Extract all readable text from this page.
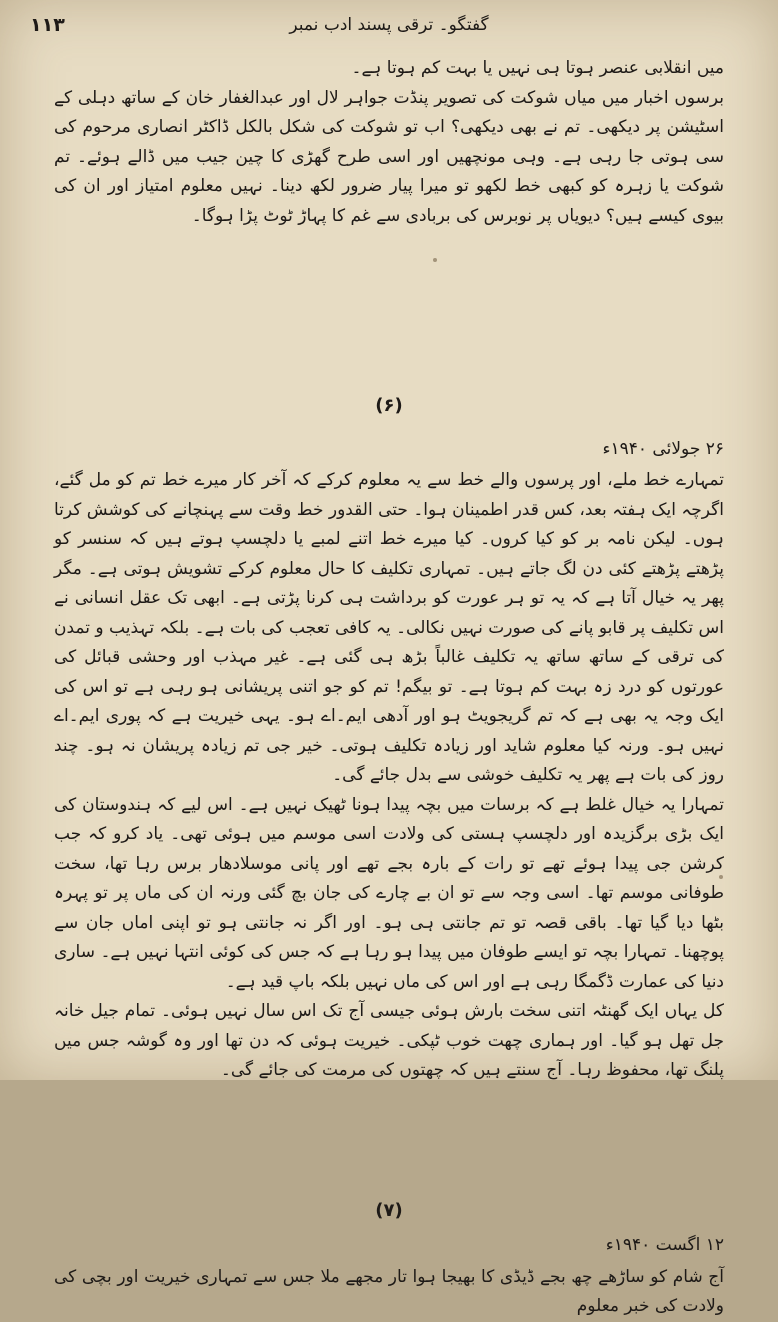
۱۱۳	گفتگو۔ ترقی پسند ادب نمبر

میں انقلابی عنصر ہوتا ہی نہیں یا بہت کم ہوتا ہے۔

برسوں اخبار میں میاں شوکت کی تصویر پنڈت جواہر لال اور عبدالغفار خان کے ساتھ دہلی کے اسٹیشن پر دیکھی۔ تم نے بھی دیکھی؟ اب تو شوکت کی شکل بالکل ڈاکٹر انصاری مرحوم کی سی ہوتی جا رہی ہے۔ وہی مونچھیں اور اسی طرح گھڑی کا چین جیب میں ڈالے ہوئے۔ تم شوکت یا زہرہ کو کبھی خط لکھو تو میرا پیار ضرور لکھ دینا۔ نہیں معلوم امتیاز اور ان کی بیوی کیسے ہیں؟ دیویاں پر نوبرس کی بربادی سے غم کا پہاڑ ٹوٹ پڑا ہوگا۔

(۶)
۲۶ جولائی ۱۹۴۰ء

تمہارے خط ملے، اور پرسوں والے خط سے یہ معلوم کرکے کہ آخر کار میرے خط تم کو مل گئے، اگرچہ ایک ہفتہ بعد، کس قدر اطمینان ہوا۔ حتی القدور خط وقت سے پہنچانے کی کوشش کرتا ہوں۔ لیکن نامہ بر کو کیا کروں۔ کیا میرے خط اتنے لمبے یا دلچسپ ہوتے ہیں کہ سنسر کو پڑھتے پڑھتے کئی دن لگ جاتے ہیں۔ تمہاری تکلیف کا حال معلوم کرکے تشویش ہوتی ہے۔ مگر پھر یہ خیال آتا ہے کہ یہ تو ہر عورت کو برداشت ہی کرنا پڑتی ہے۔ ابھی تک عقل انسانی نے اس تکلیف پر قابو پانے کی صورت نہیں نکالی۔ یہ کافی تعجب کی بات ہے۔ بلکہ تہذیب و تمدن کی ترقی کے ساتھ ساتھ یہ تکلیف غالباً بڑھ ہی گئی ہے۔ غیر مہذب اور وحشی قبائل کی عورتوں کو درد زہ بہت کم ہوتا ہے۔ تو بیگم! تم کو جو اتنی پریشانی ہو رہی ہے تو اس کی ایک وجہ یہ بھی ہے کہ تم گریجویٹ ہو اور آدھی ایم۔اے ہو۔ یہی خیریت ہے کہ پوری ایم۔اے نہیں ہو۔ ورنہ کیا معلوم شاید اور زیادہ تکلیف ہوتی۔ خیر جی تم زیادہ پریشان نہ ہو۔ چند روز کی بات ہے پھر یہ تکلیف خوشی سے بدل جائے گی۔

تمہارا یہ خیال غلط ہے کہ برسات میں بچہ پیدا ہونا ٹھیک نہیں ہے۔ اس لیے کہ ہندوستان کی ایک بڑی برگزیدہ اور دلچسپ ہستی کی ولادت اسی موسم میں ہوئی تھی۔ یاد کرو کہ جب کرشن جی پیدا ہوئے تھے تو رات کے بارہ بجے تھے اور پانی موسلادھار برس رہا تھا، سخت طوفانی موسم تھا۔ اسی وجہ سے تو ان بے چارے کی جان بچ گئی ورنہ ان کی ماں پر تو پہرہ بٹھا دیا گیا تھا۔ باقی قصہ تو تم جانتی ہی ہو۔ اور اگر نہ جانتی ہو تو اپنی اماں جان سے پوچھنا۔ تمہارا بچہ تو ایسے طوفان میں پیدا ہو رہا ہے کہ جس کی کوئی انتہا نہیں ہے۔ ساری دنیا کی عمارت ڈگمگا رہی ہے اور اس کی ماں نہیں بلکہ باپ قید ہے۔

کل یہاں ایک گھنٹہ اتنی سخت بارش ہوئی جیسی آج تک اس سال نہیں ہوئی۔ تمام جیل خانہ جل تھل ہو گیا۔ اور ہماری چھت خوب ٹپکی۔ خیریت ہوئی کہ دن تھا اور وہ گوشہ جس میں پلنگ تھا، محفوظ رہا۔ آج سنتے ہیں کہ چھتوں کی مرمت کی جائے گی۔

(۷)
۱۲ اگست ۱۹۴۰ء

آج شام کو ساڑھے چھ بجے ڈیڈی کا بھیجا ہوا تار مجھے ملا جس سے تمہاری خیریت اور بچی کی ولادت کی خبر معلوم
